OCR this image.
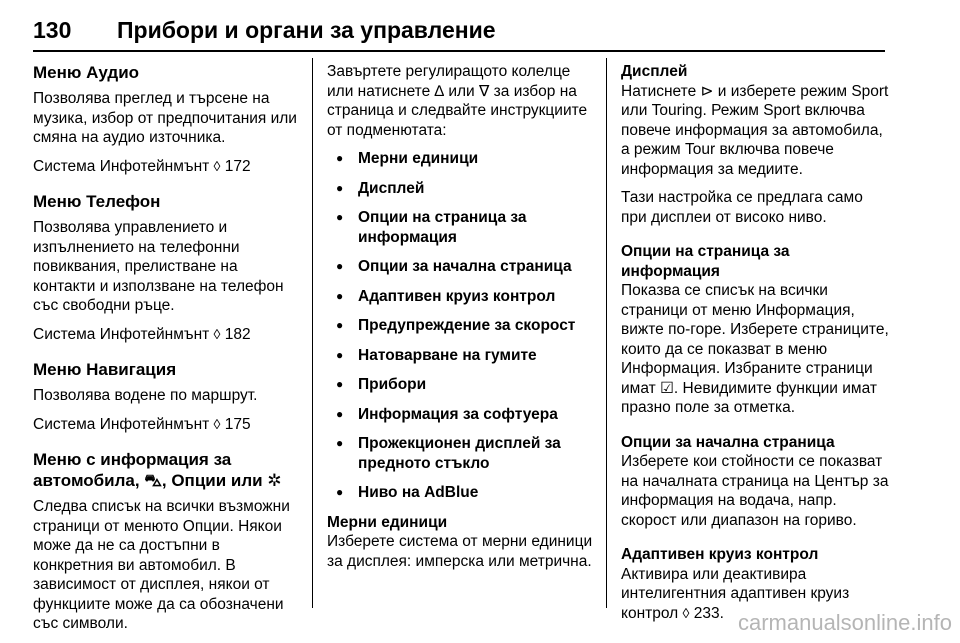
130 Прибори и органи за управление
Меню Аудио

Позволява преглед и търсене на музика, избор от предпочитания или смяна на аудио източника.

Система Инфотейнмънт ◊ 172

Меню Телефон

Позволява управлението и изпълнението на телефонни повиквания, прелистване на контакти и използване на телефон със свободни ръце.

Система Инфотейнмънт ◊ 182

Меню Навигация

Позволява водене по маршрут.

Система Инфотейнмънт ◊ 175

Меню с информация за
автомобила, ⛍, Опции или ✲

Следва списък на всички възможни страници от менюто Опции. Някои може да не са достъпни в конкретния ви автомобил. В зависимост от дисплея, някои от функциите може да са обозначени със символи.

Завъртете регулиращото колелце или натиснете ∆ или ∇ за избор на страница и следвайте инструкциите от подменютата:

● Мерни единици
● Дисплей
● Опции на страница за информация
● Опции за начална страница
● Адаптивен круиз контрол
● Предупреждение за скорост
● Натоварване на гумите
● Прибори
● Информация за софтуера
● Прожекционен дисплей за предното стъкло
● Ниво на AdBlue
Мерни единици

Изберете система от мерни единици за дисплея: имперска или метрична.

Дисплей

Натиснете ⊳ и изберете режим Sport или Touring. Режим Sport включва повече информация за автомобила, а режим Tour включва повече информация за медиите.

Тази настройка се предлага само при дисплеи от високо ниво.

Опции на страница за информация

Показва се списък на всички страници от меню Информация, вижте по-горе. Изберете страниците, които да се показват в меню Информация. Избраните страници имат ☑. Невидимите функции имат празно поле за отметка.

Опции за начална страница

Изберете кои стойности се показват на началната страница на Център за информация на водача, напр. скорост или диапазон на гориво.

Адаптивен круиз контрол

Активира или деактивира интелигентния адаптивен круиз контрол ◊ 233. carmanualsonline.info
